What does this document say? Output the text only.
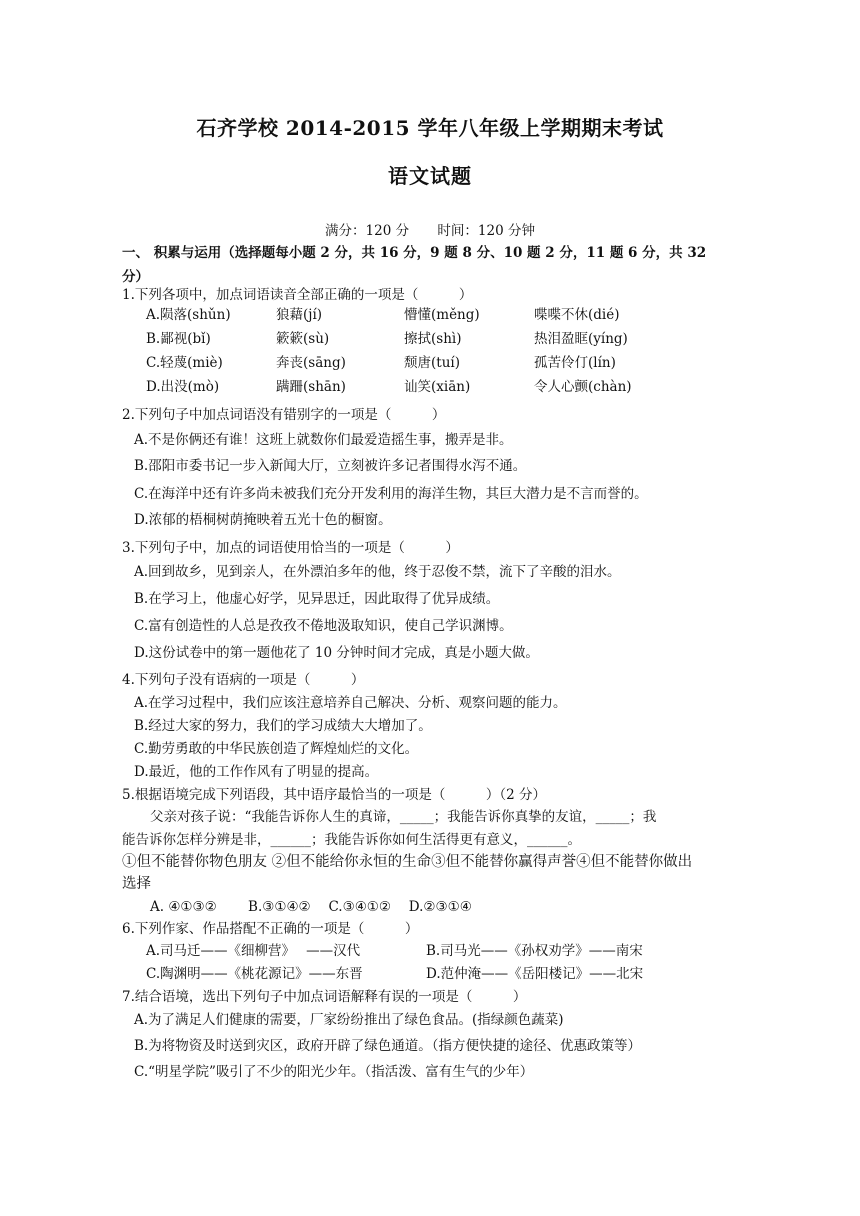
石齐学校 2014-2015 学年八年级上学期期末考试
语文试题
满分：120 分 时间：120 分钟
一、 积累与运用（选择题每小题 2 分，共 16 分，9 题 8 分、10 题 2 分，11 题 6 分，共 32
分）
1.下列各项中，加点词语读音全部正确的一项是（　　　）
A.陨落(shǔn)	狼藉(jí)	懵懂(měng)	喋喋不休(dié)
B.鄙视(bǐ)	簌簌(sù)	擦拭(shì)	热泪盈眶(yíng)
C.轻蔑(miè)	奔丧(sāng)	颓唐(tuí)	孤苦伶仃(lín)
D.出没(mò)	蹒跚(shān)	讪笑(xiān)	令人心颤(chàn)
2.下列句子中加点词语没有错别字的一项是（　　　）
A.不是你俩还有谁！这班上就数你们最爱造摇生事，搬弄是非。
B.邵阳市委书记一步入新闻大厅，立刻被许多记者围得水泻不通。
C.在海洋中还有许多尚未被我们充分开发利用的海洋生物，其巨大潜力是不言而誉的。
D.浓郁的梧桐树荫掩映着五光十色的橱窗。
3.下列句子中，加点的词语使用恰当的一项是（　　　）
A.回到故乡，见到亲人，在外漂泊多年的他，终于忍俊不禁，流下了辛酸的泪水。
B.在学习上，他虚心好学，见异思迁，因此取得了优异成绩。
C.富有创造性的人总是孜孜不倦地汲取知识，使自己学识渊博。
D.这份试卷中的第一题他花了 10 分钟时间才完成，真是小题大做。
4.下列句子没有语病的一项是（　　　）
A.在学习过程中，我们应该注意培养自己解决、分析、观察问题的能力。
B.经过大家的努力，我们的学习成绩大大增加了。
C.勤劳勇敢的中华民族创造了辉煌灿烂的文化。
D.最近，他的工作作风有了明显的提高。
5.根据语境完成下列语段，其中语序最恰当的一项是（　　　）（2 分）
父亲对孩子说：“我能告诉你人生的真谛，_____；我能告诉你真挚的友谊，_____；我
能告诉你怎样分辨是非，______；我能告诉你如何生活得更有意义，______。
①但不能替你物色朋友 ②但不能给你永恒的生命③但不能替你赢得声誉④但不能替你做出
选择
A. ④①③②　　 B.③①④②　 C.③④①②　 D.②③①④
6.下列作家、作品搭配不正确的一项是（　　　）
A.司马迁——《细柳营》　 ——汉代	B.司马光——《孙权劝学》——南宋
C.陶渊明——《桃花源记》——东晋	D.范仲淹——《岳阳楼记》——北宋
7.结合语境，选出下列句子中加点词语解释有误的一项是（　　　）
A.为了满足人们健康的需要，厂家纷纷推出了绿色食品。(指绿颜色蔬菜)
B.为将物资及时送到灾区，政府开辟了绿色通道。（指方便快捷的途径、优惠政策等）
C.“明星学院”吸引了不少的阳光少年。（指活泼、富有生气的少年）
